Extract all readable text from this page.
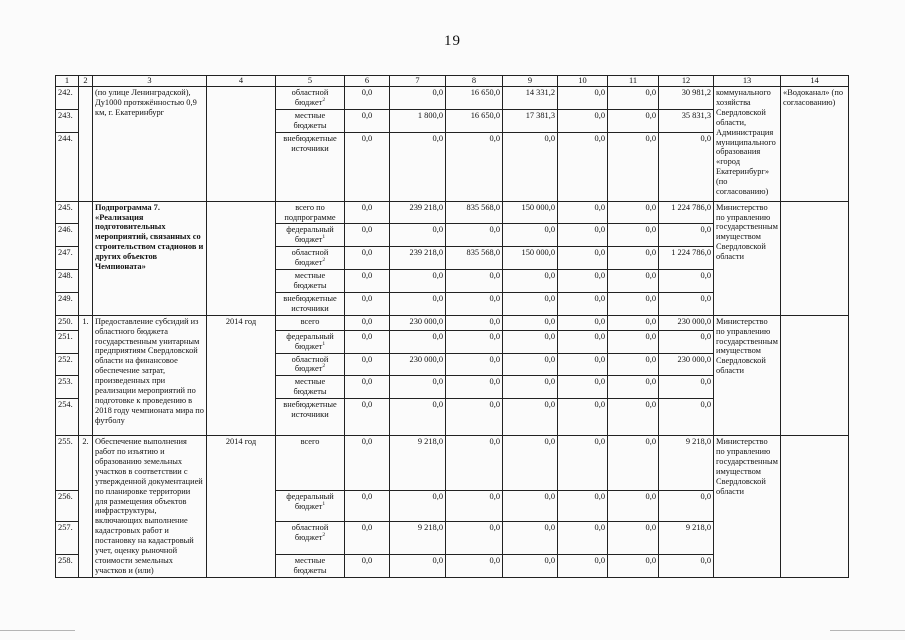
19
1	2	3	4	5	6	7	8	9	10	11	12	13	14
242.		(по улице Ленинградской), Ду1000 протяжённостью 0,9 км, г. Екатеринбург		областной бюджет$^2$	0,0	0,0	16 650,0	14 331,2	0,0	0,0	30 981,2	коммунального хозяйства Свердловской области, Администрация муниципального образования «город Екатеринбург» (по согласованию)	«Водоканал» (по согласованию)
243.				местные бюджеты	0,0	1 800,0	16 650,0	17 381,3	0,0	0,0	35 831,3		
244.				внебюджетные источники	0,0	0,0	0,0	0,0	0,0	0,0	0,0		
245.		Подпрограмма 7. «Реализация подготовительных мероприятий, связанных со строительством стадионов и других объектов Чемпионата»		всего по подпрограмме	0,0	239 218,0	835 568,0	150 000,0	0,0	0,0	1 224 786,0	Министерство по управлению государственным имуществом Свердловской области	
246.				федеральный бюджет$^1$	0,0	0,0	0,0	0,0	0,0	0,0	0,0		
247.				областной бюджет$^2$	0,0	239 218,0	835 568,0	150 000,0	0,0	0,0	1 224 786,0		
248.				местные бюджеты	0,0	0,0	0,0	0,0	0,0	0,0	0,0		
249.				внебюджетные источники	0,0	0,0	0,0	0,0	0,0	0,0	0,0		
250.	1.	Предоставление субсидий из областного бюджета государственным унитарным предприятиям Свердловской области на финансовое обеспечение затрат, произведенных при реализации мероприятий по подготовке к проведению в 2018 году чемпионата мира по футболу	2014 год	всего	0,0	230 000,0	0,0	0,0	0,0	0,0	230 000,0	Министерство по управлению государственным имуществом Свердловской области	
251.				федеральный бюджет$^1$	0,0	0,0	0,0	0,0	0,0	0,0	0,0		
252.				областной бюджет$^2$	0,0	230 000,0	0,0	0,0	0,0	0,0	230 000,0		
253.				местные бюджеты	0,0	0,0	0,0	0,0	0,0	0,0	0,0		
254.				внебюджетные источники	0,0	0,0	0,0	0,0	0,0	0,0	0,0		
255.	2.	Обеспечение выполнения работ по изъятию и образованию земельных участков в соответствии с утвержденной документацией по планировке территории для размещения объектов инфраструктуры, включающих выполнение кадастровых работ и постановку на кадастровый учет, оценку рыночной стоимости земельных участков и (или)	2014 год	всего	0,0	9 218,0	0,0	0,0	0,0	0,0	9 218,0	Министерство по управлению государственным имуществом Свердловской области	
256.				федеральный бюджет$^1$	0,0	0,0	0,0	0,0	0,0	0,0	0,0		
257.				областной бюджет$^2$	0,0	9 218,0	0,0	0,0	0,0	0,0	9 218,0		
258.				местные бюджеты	0,0	0,0	0,0	0,0	0,0	0,0	0,0		
